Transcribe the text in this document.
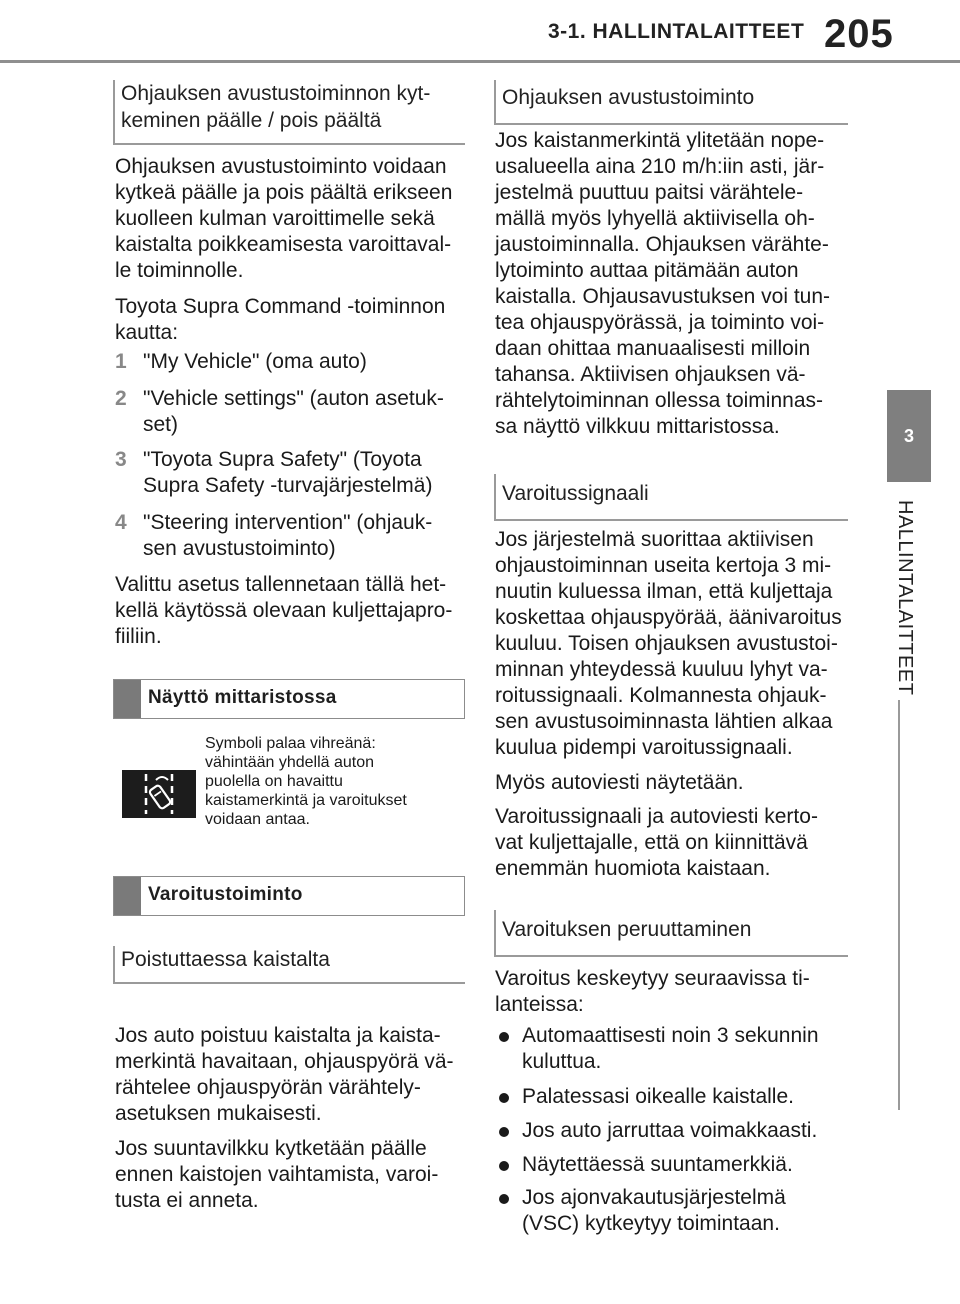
3-1. HALLINTALAITTEET 205
3
HALLINTALAITTEET
Ohjauksen avustustoiminnon kyt-
keminen päälle / pois päältä

Ohjauksen avustustoiminto voidaan
kytkeä päälle ja pois päältä erikseen
kuolleen kulman varoittimelle sekä
kaistalta poikkeamisesta varoittaval-
le toiminnolle.

Toyota Supra Command -toiminnon
kautta:

1 "My Vehicle" (oma auto)
2 "Vehicle settings" (auton asetuk-
set)
3 "Toyota Supra Safety" (Toyota
Supra Safety -turvajärjestelmä)
4 "Steering intervention" (ohjauk-
sen avustustoiminto)

Valittu asetus tallennetaan tällä het-
kellä käytössä olevaan kuljettajapro-
fiiliin.

Näyttö mittaristossa
Symboli palaa vihreänä:
vähintään yhdellä auton
puolella on havaittu
kaistamerkintä ja varoitukset
voidaan antaa.
Varoitustoiminto
Poistuttaessa kaistalta

Jos auto poistuu kaistalta ja kaista-
merkintä havaitaan, ohjauspyörä vä-
rähtelee ohjauspyörän värähtely-
asetuksen mukaisesti.

Jos suuntavilkku kytketään päälle
ennen kaistojen vaihtamista, varoi-
tusta ei anneta.

Ohjauksen avustustoiminto

Jos kaistanmerkintä ylitetään nope-
usalueella aina 210 m/h:iin asti, jär-
jestelmä puuttuu paitsi värähtele-
mällä myös lyhyellä aktiivisella oh-
jaustoiminnalla. Ohjauksen värähte-
lytoiminto auttaa pitämään auton
kaistalla. Ohjausavustuksen voi tun-
tea ohjauspyörässä, ja toiminto voi-
daan ohittaa manuaalisesti milloin
tahansa. Aktiivisen ohjauksen vä-
rähtelytoiminnan ollessa toiminnas-
sa näyttö vilkkuu mittaristossa.

Varoitussignaali

Jos järjestelmä suorittaa aktiivisen
ohjaustoiminnan useita kertoja 3 mi-
nuutin kuluessa ilman, että kuljettaja
koskettaa ohjauspyörää, äänivaroitus
kuuluu. Toisen ohjauksen avustustoi-
minnan yhteydessä kuuluu lyhyt va-
roitussignaali. Kolmannesta ohjauk-
sen avustusoiminnasta lähtien alkaa
kuulua pidempi varoitussignaali.

Myös autoviesti näytetään.

Varoitussignaali ja autoviesti kerto-
vat kuljettajalle, että on kiinnittävä
enemmän huomiota kaistaan.

Varoituksen peruuttaminen

Varoitus keskeytyy seuraavissa ti-
lanteissa:

Automaattisesti noin 3 sekunnin
kuluttua.
Palatessasi oikealle kaistalle.
Jos auto jarruttaa voimakkaasti.
Näytettäessä suuntamerkkiä.
Jos ajonvakautusjärjestelmä
(VSC) kytkeytyy toimintaan.
